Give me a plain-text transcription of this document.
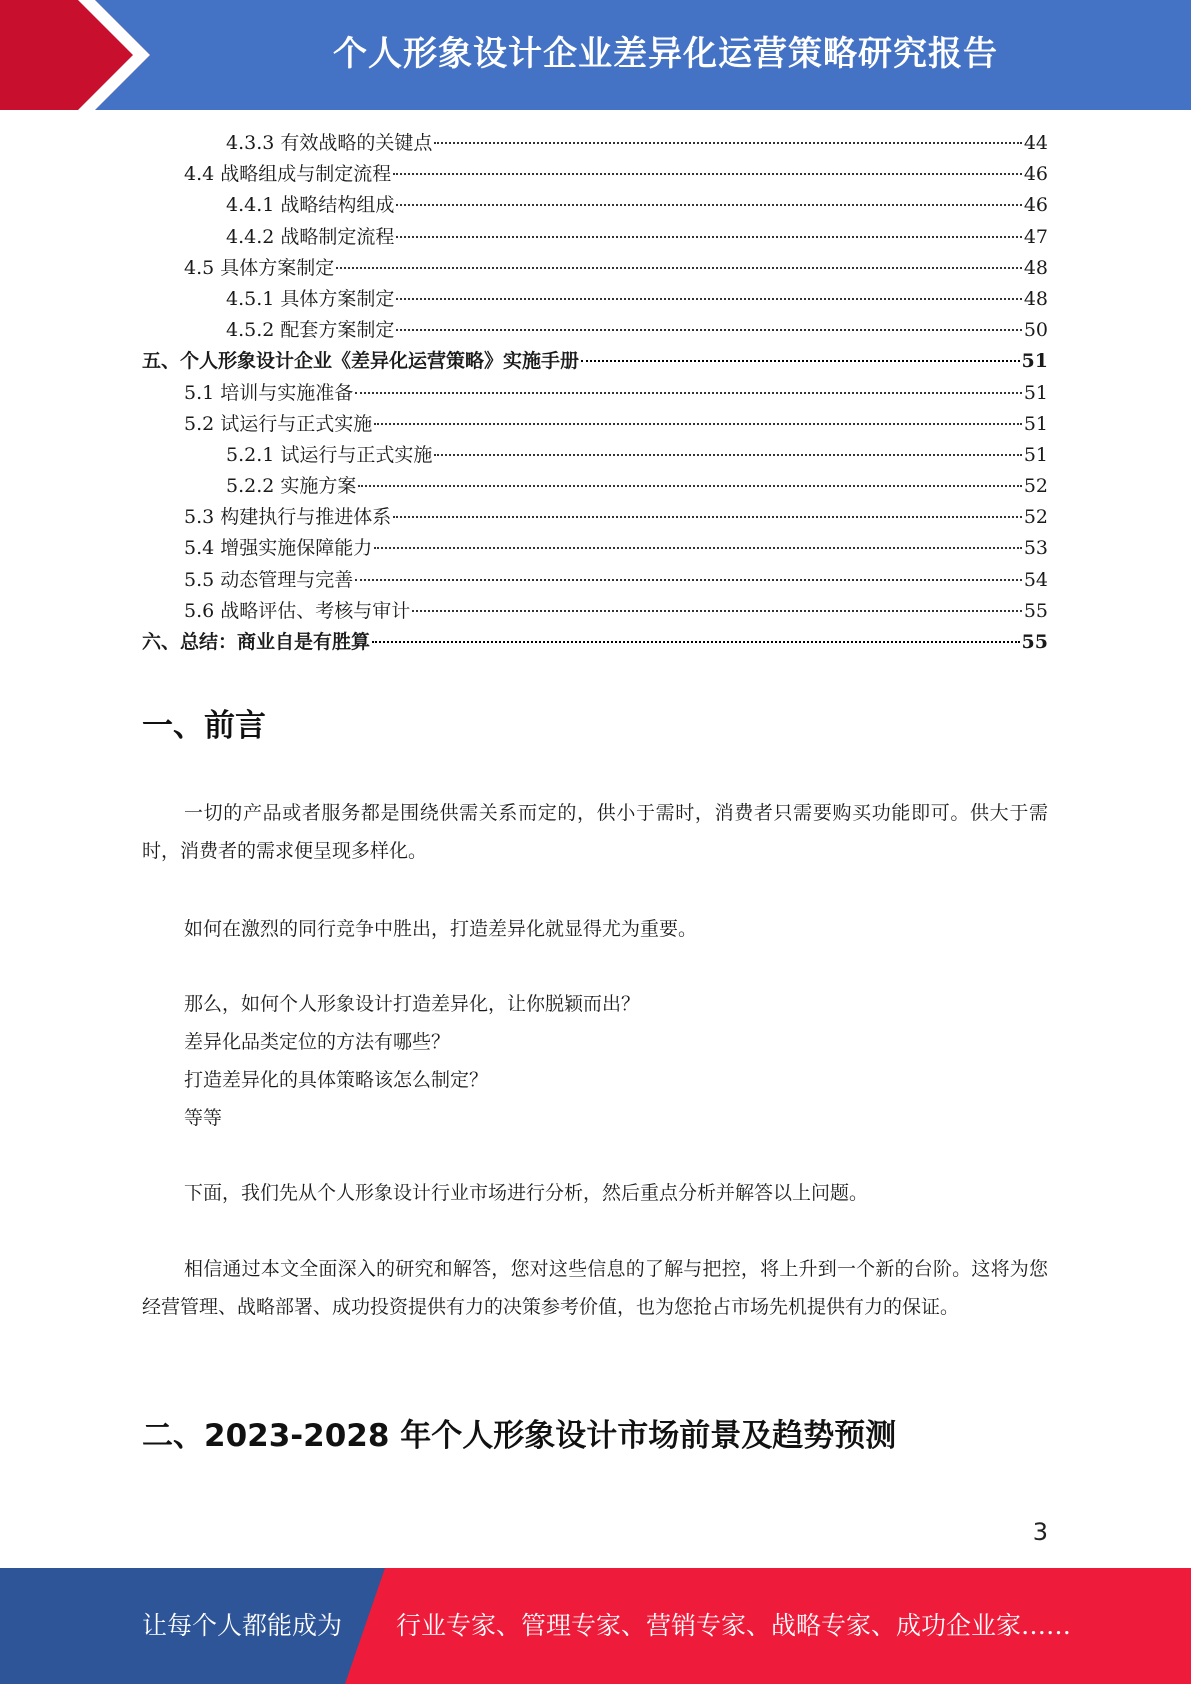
个人形象设计企业差异化运营策略研究报告
4.3.3 有效战略的关键点	44
4.4 战略组成与制定流程	46
4.4.1 战略结构组成	46
4.4.2 战略制定流程	47
4.5 具体方案制定	48
4.5.1 具体方案制定	48
4.5.2 配套方案制定	50
五、个人形象设计企业《差异化运营策略》实施手册	51
5.1 培训与实施准备	51
5.2 试运行与正式实施	51
5.2.1 试运行与正式实施	51
5.2.2 实施方案	52
5.3 构建执行与推进体系	52
5.4 增强实施保障能力	53
5.5 动态管理与完善	54
5.6 战略评估、考核与审计	55
六、总结：商业自是有胜算	55
一、前言
一切的产品或者服务都是围绕供需关系而定的，供小于需时，消费者只需要购买功能即可。供大于需时，消费者的需求便呈现多样化。
如何在激烈的同行竞争中胜出，打造差异化就显得尤为重要。
那么，如何个人形象设计打造差异化，让你脱颖而出？
差异化品类定位的方法有哪些？
打造差异化的具体策略该怎么制定？
等等
下面，我们先从个人形象设计行业市场进行分析，然后重点分析并解答以上问题。
相信通过本文全面深入的研究和解答，您对这些信息的了解与把控，将上升到一个新的台阶。这将为您经营管理、战略部署、成功投资提供有力的决策参考价值，也为您抢占市场先机提供有力的保证。
二、2023-2028 年个人形象设计市场前景及趋势预测
3
让每个人都能成为 行业专家、管理专家、营销专家、战略专家、成功企业家……
